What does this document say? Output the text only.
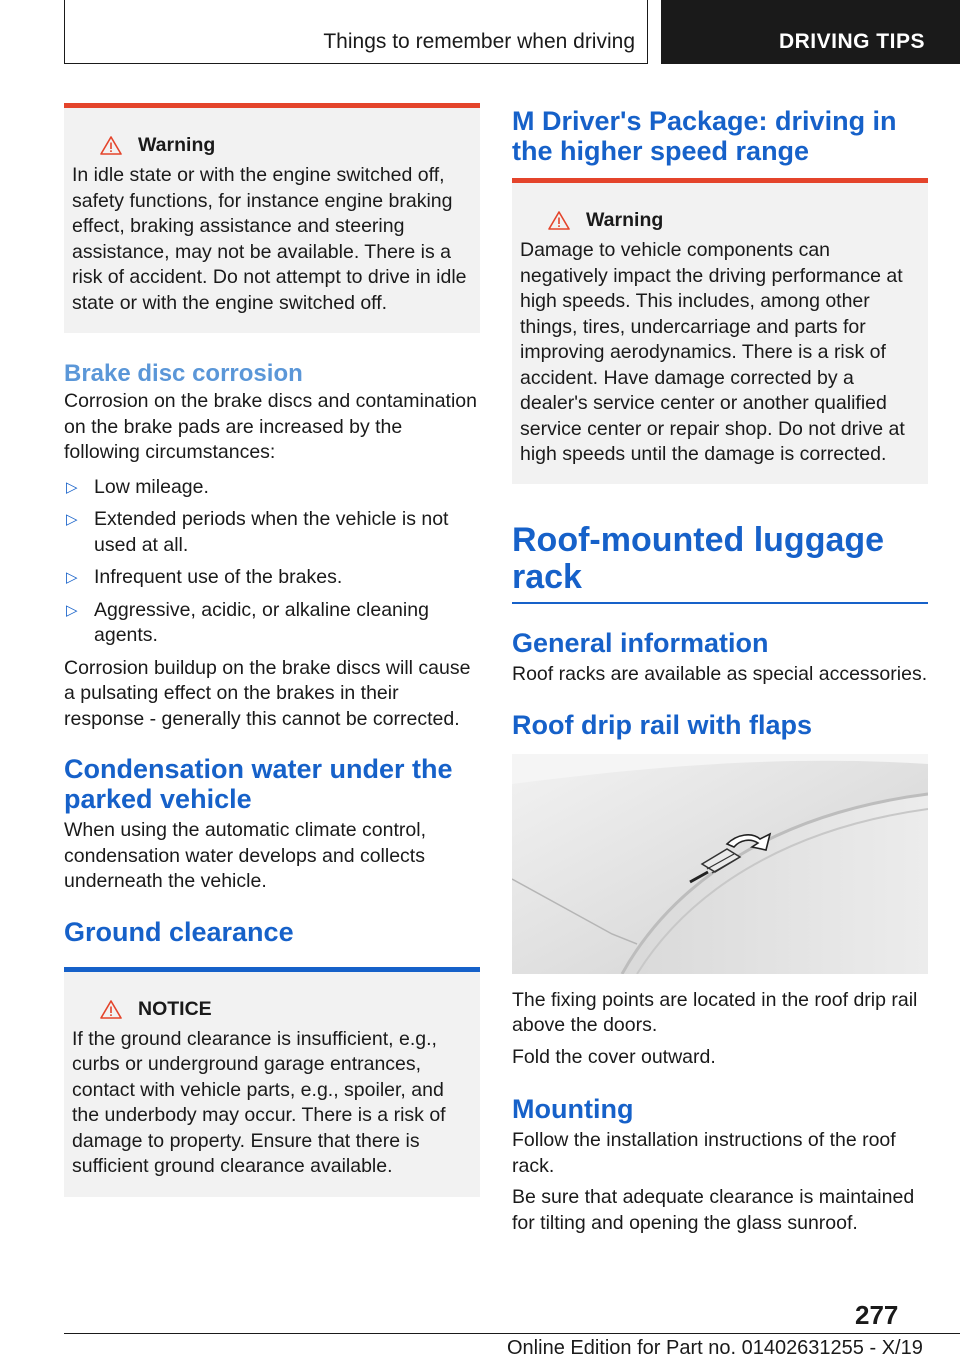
Things to remember when driving	DRIVING TIPS
Warning
In idle state or with the engine switched off, safety functions, for instance engine braking effect, braking assistance and steering assistance, may not be available. There is a risk of accident. Do not attempt to drive in idle state or with the engine switched off.
Brake disc corrosion
Corrosion on the brake discs and contamination on the brake pads are increased by the following circumstances:
▷ Low mileage.
▷ Extended periods when the vehicle is not used at all.
▷ Infrequent use of the brakes.
▷ Aggressive, acidic, or alkaline cleaning agents.
Corrosion buildup on the brake discs will cause a pulsating effect on the brakes in their response - generally this cannot be corrected.
Condensation water under the parked vehicle
When using the automatic climate control, condensation water develops and collects underneath the vehicle.
Ground clearance
NOTICE
If the ground clearance is insufficient, e.g., curbs or underground garage entrances, contact with vehicle parts, e.g., spoiler, and the underbody may occur. There is a risk of damage to property. Ensure that there is sufficient ground clearance available.
M Driver's Package: driving in the higher speed range
Warning
Damage to vehicle components can negatively impact the driving performance at high speeds. This includes, among other things, tires, undercarriage and parts for improving aerodynamics. There is a risk of accident. Have damage corrected by a dealer's service center or another qualified service center or repair shop. Do not drive at high speeds until the damage is corrected.
Roof-mounted luggage rack
General information
Roof racks are available as special accessories.
Roof drip rail with flaps
The fixing points are located in the roof drip rail above the doors.
Fold the cover outward.
Mounting
Follow the installation instructions of the roof rack.
Be sure that adequate clearance is maintained for tilting and opening the glass sunroof.
277
Online Edition for Part no. 01402631255 - X/19
